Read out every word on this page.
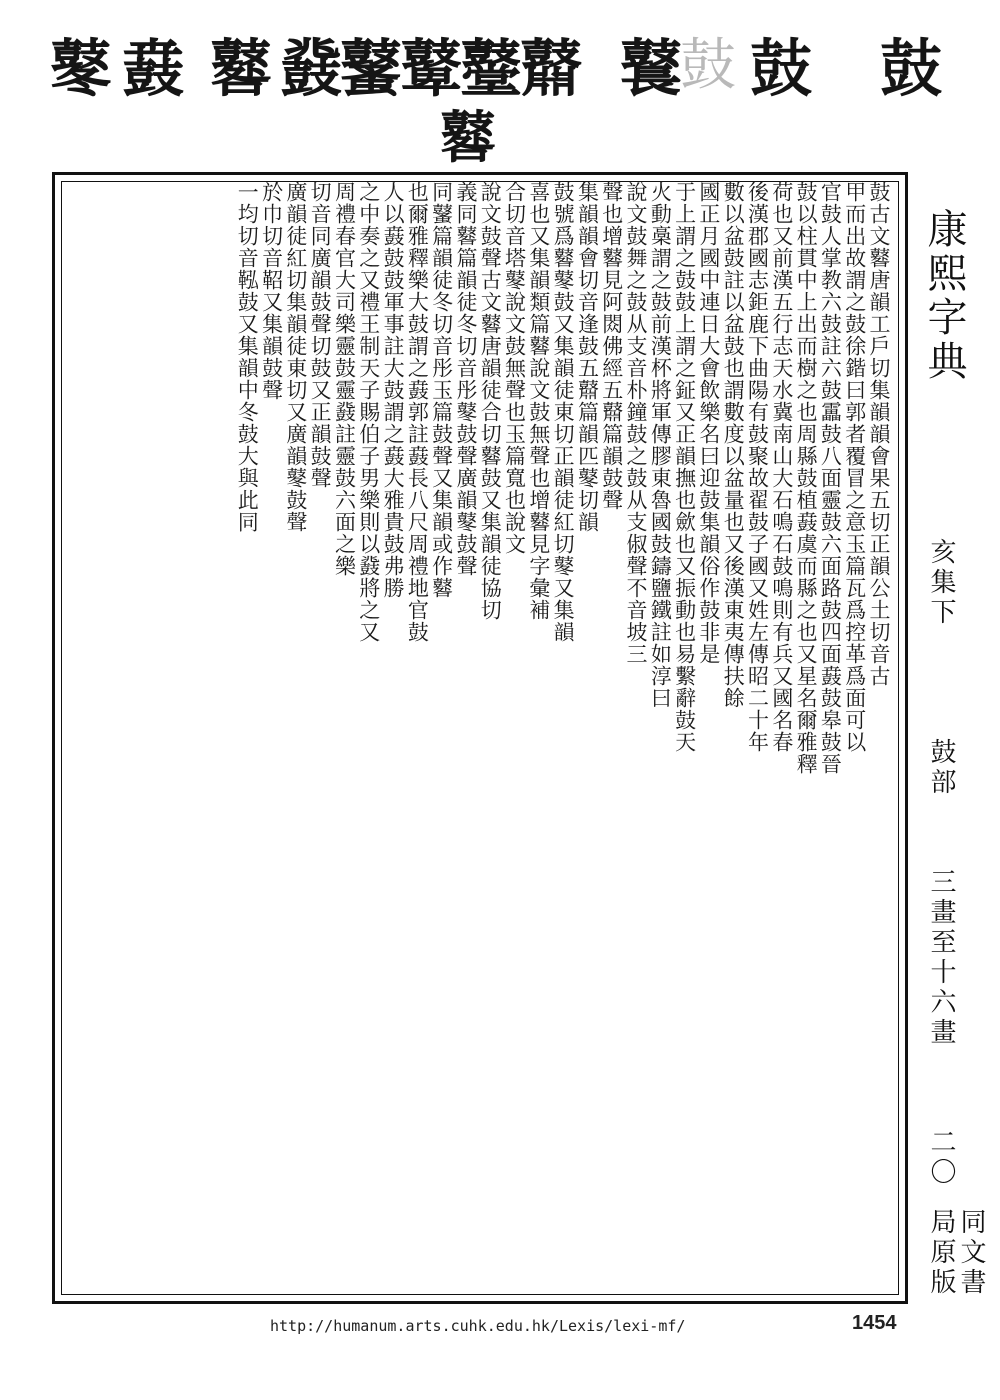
鼕 鼖 鼛 鼗
鼜
鼙
鼞
鼘 鼚
鼓 鼓 鼓
鼛
鼓古文鼛唐韻工戶切集韻韻會果五切正韻公土切音古
甲而出故謂之鼓徐鍇曰郭者覆冒之意玉篇瓦爲控革爲面可以
官鼓人掌教六鼓註六鼓靁鼓八面靈鼓六面路鼓四面鼖鼓皋鼓晉
鼓以柱貫中上出而樹之也周縣鼓植鼖虞而縣之也又星名爾雅釋
荷也又前漢五行志天水冀南山大石鳴石鼓鳴則有兵又國名春
後漢郡國志鉅鹿下曲陽有鼓聚故翟鼓子國又姓左傳昭二十年
數以盆鼓註以盆鼓也謂數度以盆量也又後漢東夷傳扶餘
國正月國中連日大會飲樂名曰迎鼓集韻俗作鼓非是
于上謂之鼓鼓上謂之鉦又正韻撫也歛也又振動也易繫辭鼓天
火動槀謂之鼓前漢杯將軍傳膠東魯國鼓鑄鹽鐵註如淳曰
說文鼓舞之鼓从支音朴鐘鼓之鼓从支俶聲不音坡三
聲也增鼛見阿閦佛經五鼘篇韻鼓聲
集韻韻會切音逢鼓五鼘篇韻匹鼕切韻
鼓號爲鼛鼕鼓又集韻徒東切正韻徒紅切鼕又集韻
喜也又集韻類篇鼛說文鼓無聲也增鼛見字彙補
合切音塔鼕說文鼓無聲也玉篇寬也說文
說文鼓聲古文鼛唐韻徒合切鼛鼓又集韻徒協切
義同鼛篇韻徒冬切音彤鼕鼓聲廣韻鼕鼓聲
同鼜篇韻徒冬切音彤玉篇鼓聲又集韻或作鼛
也爾雅釋樂大鼓謂之鼖郭註鼖長八尺周禮地官鼓
人以鼖鼓鼓軍事註大鼓謂之鼖大雅貴鼓弗勝
之中奏之又禮王制天子賜伯子男樂則以鼗將之又
周禮春官大司樂靈鼓靈鼗註靈鼓六面之樂
切音同廣韻鼓聲切鼓又正韻鼓聲
廣韻徒紅切集韻徒東切又廣韻鼕鼓聲
於巾切音鞀又集韻鼓聲
一均切音鞃鼓又集韻中冬鼓大與此同	康熙字典
亥集下
鼓部
三畫至十六畫
二〇
同文書局原版
http://humanum.arts.cuhk.edu.hk/Lexis/lexi-mf/	1454
